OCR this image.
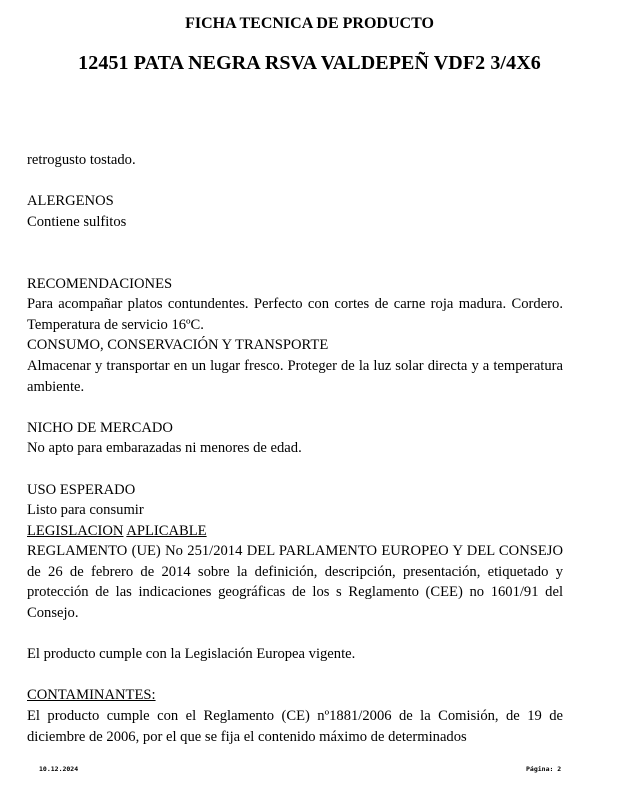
FICHA TECNICA DE PRODUCTO
12451 PATA NEGRA RSVA VALDEPEÑ VDF2 3/4X6

retrogusto tostado.

ALERGENOS

Contiene sulfitos

RECOMENDACIONES

Para acompañar platos contundentes. Perfecto con cortes de carne roja madura. Cordero. Temperatura de servicio 16ºC.

CONSUMO, CONSERVACIÓN Y TRANSPORTE

Almacenar y transportar en un lugar fresco. Proteger de la luz solar directa y a temperatura ambiente.

NICHO DE MERCADO

No apto para embarazadas ni menores de edad.

USO ESPERADO

Listo para consumir

LEGISLACION APLICABLE

REGLAMENTO (UE) No 251/2014 DEL PARLAMENTO EUROPEO Y DEL CONSEJO de 26 de febrero de 2014 sobre la definición, descripción, presentación, etiquetado y protección de las indicaciones geográficas de los s Reglamento (CEE) no 1601/91 del Consejo.

El producto cumple con la Legislación Europea vigente.

CONTAMINANTES:

El producto cumple con el Reglamento (CE) nº1881/2006 de la Comisión, de 19 de diciembre de 2006, por el que se fija el contenido máximo de determinados

10.12.2024	Página: 2
